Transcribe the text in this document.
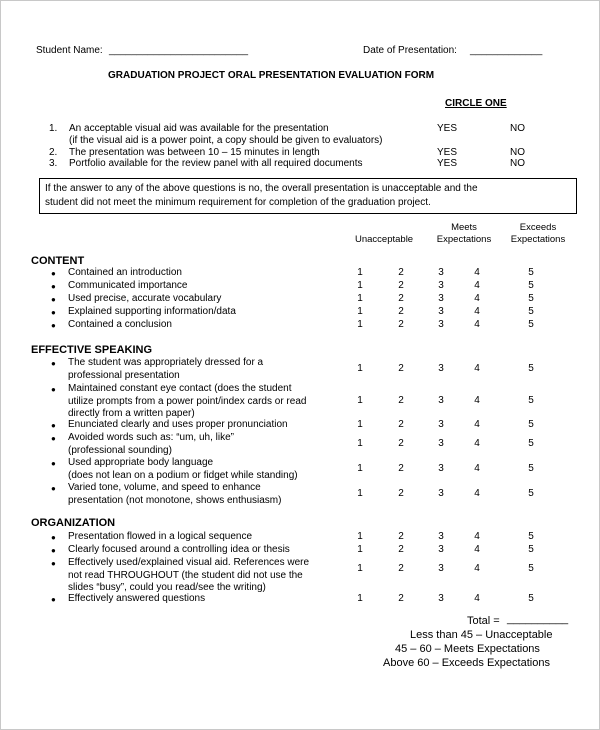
Student Name: _________________________	Date of Presentation: _____________
GRADUATION PROJECT ORAL PRESENTATION EVALUATION FORM
CIRCLE ONE
1. An acceptable visual aid was available for the presentation
(if the visual aid is a power point, a copy should be given to evaluators)
YES	NO
2. The presentation was between 10 – 15 minutes in length	YES	NO
3. Portfolio available for the review panel with all required documents	YES	NO
If the answer to any of the above questions is no, the overall presentation is unacceptable and the
student did not meet the minimum requirement for completion of the graduation project.
Unacceptable
Meets
Expectations
Exceeds
Expectations
CONTENT
● Contained an introduction	1	2	3	4	5
● Communicated importance	1	2	3	4	5
● Used precise, accurate vocabulary	1	2	3	4	5
● Explained supporting information/data	1	2	3	4	5
● Contained a conclusion	1	2	3	4	5
EFFECTIVE SPEAKING
● The student was appropriately dressed for a
professional presentation
1	2	3	4	5
● Maintained constant eye contact (does the student
utilize prompts from a power point/index cards or read
directly from a written paper)
1	2	3	4	5
● Enunciated clearly and uses proper pronunciation	1	2	3	4	5
● Avoided words such as: “um, uh, like”
(professional sounding)
1	2	3	4	5
● Used appropriate body language
(does not lean on a podium or fidget while standing)
1	2	3	4	5
● Varied tone, volume, and speed to enhance
presentation (not monotone, shows enthusiasm)
1	2	3	4	5
ORGANIZATION
● Presentation flowed in a logical sequence	1	2	3	4	5
● Clearly focused around a controlling idea or thesis	1	2	3	4	5
● Effectively used/explained visual aid. References were
not read THROUGHOUT (the student did not use the
slides “busy”, could you read/see the writing)
1	2	3	4	5
● Effectively answered questions	1	2	3	4	5
Total = __________
Less than 45 – Unacceptable
45 – 60 – Meets Expectations
Above 60 – Exceeds Expectations
